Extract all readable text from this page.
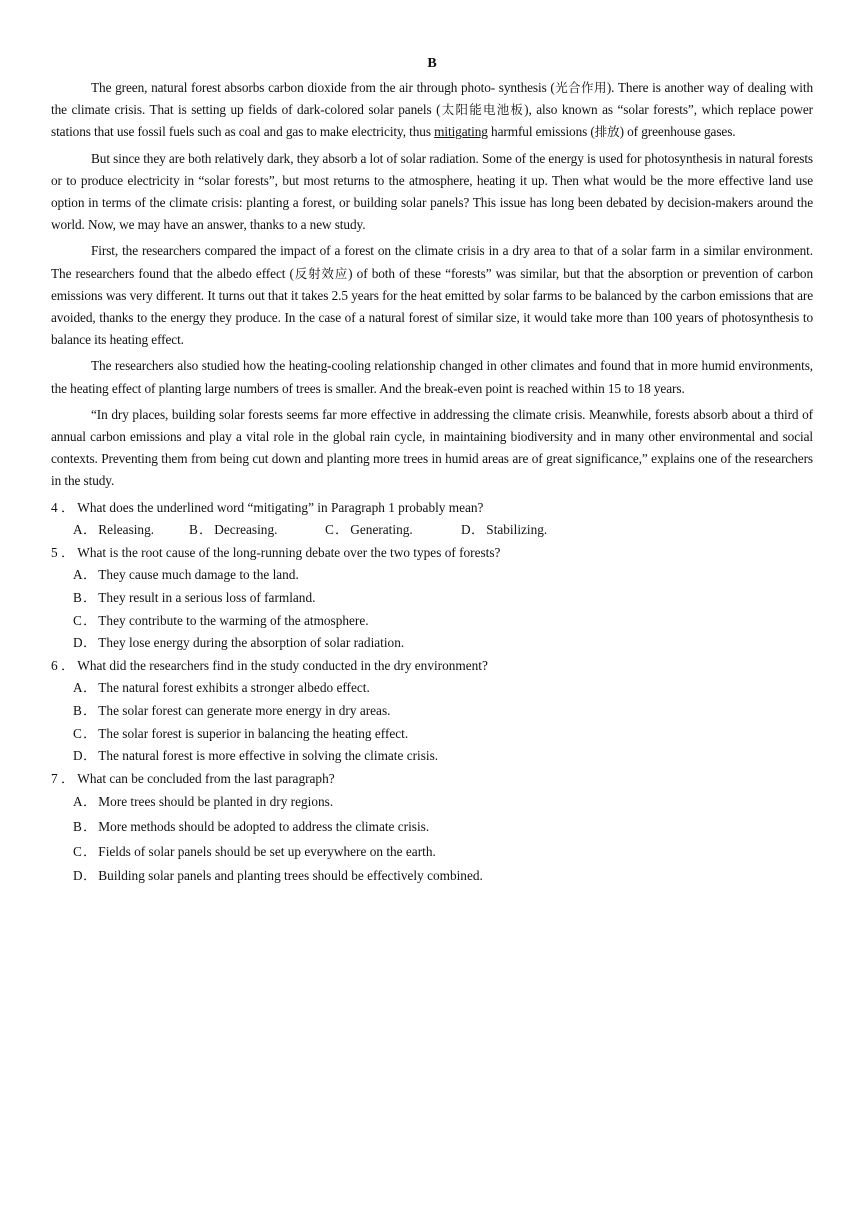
B

The green, natural forest absorbs carbon dioxide from the air through photo- synthesis (光合作用). There is another way of dealing with the climate crisis. That is setting up fields of dark-colored solar panels (太阳能电池板), also known as “solar forests”, which replace power stations that use fossil fuels such as coal and gas to make electricity, thus mitigating harmful emissions (排放) of greenhouse gases.

But since they are both relatively dark, they absorb a lot of solar radiation. Some of the energy is used for photosynthesis in natural forests or to produce electricity in “solar forests”, but most returns to the atmosphere, heating it up. Then what would be the more effective land use option in terms of the climate crisis: planting a forest, or building solar panels? This issue has long been debated by decision-makers around the world. Now, we may have an answer, thanks to a new study.

First, the researchers compared the impact of a forest on the climate crisis in a dry area to that of a solar farm in a similar environment. The researchers found that the albedo effect (反射效应) of both of these “forests” was similar, but that the absorption or prevention of carbon emissions was very different. It turns out that it takes 2.5 years for the heat emitted by solar farms to be balanced by the carbon emissions that are avoided, thanks to the energy they produce. In the case of a natural forest of similar size, it would take more than 100 years of photosynthesis to balance its heating effect.

The researchers also studied how the heating-cooling relationship changed in other climates and found that in more humid environments, the heating effect of planting large numbers of trees is smaller. And the break-even point is reached within 15 to 18 years.

“In dry places, building solar forests seems far more effective in addressing the climate crisis. Meanwhile, forests absorb about a third of annual carbon emissions and play a vital role in the global rain cycle, in maintaining biodiversity and in many other environmental and social contexts. Preventing them from being cut down and planting more trees in humid areas are of great significance,” explains one of the researchers in the study.

4 ． What does the underlined word “mitigating” in Paragraph 1 probably mean?

A． Releasing.	B． Decreasing.	C． Generating.	D． Stabilizing.

5 ． What is the root cause of the long-running debate over the two types of forests?

A． They cause much damage to the land.

B． They result in a serious loss of farmland.

C． They contribute to the warming of the atmosphere.

D． They lose energy during the absorption of solar radiation.

6 ． What did the researchers find in the study conducted in the dry environment?

A． The natural forest exhibits a stronger albedo effect.

B． The solar forest can generate more energy in dry areas.

C． The solar forest is superior in balancing the heating effect.

D． The natural forest is more effective in solving the climate crisis.

7 ． What can be concluded from the last paragraph?

A． More trees should be planted in dry regions.

B． More methods should be adopted to address the climate crisis.

C． Fields of solar panels should be set up everywhere on the earth.

D． Building solar panels and planting trees should be effectively combined.
